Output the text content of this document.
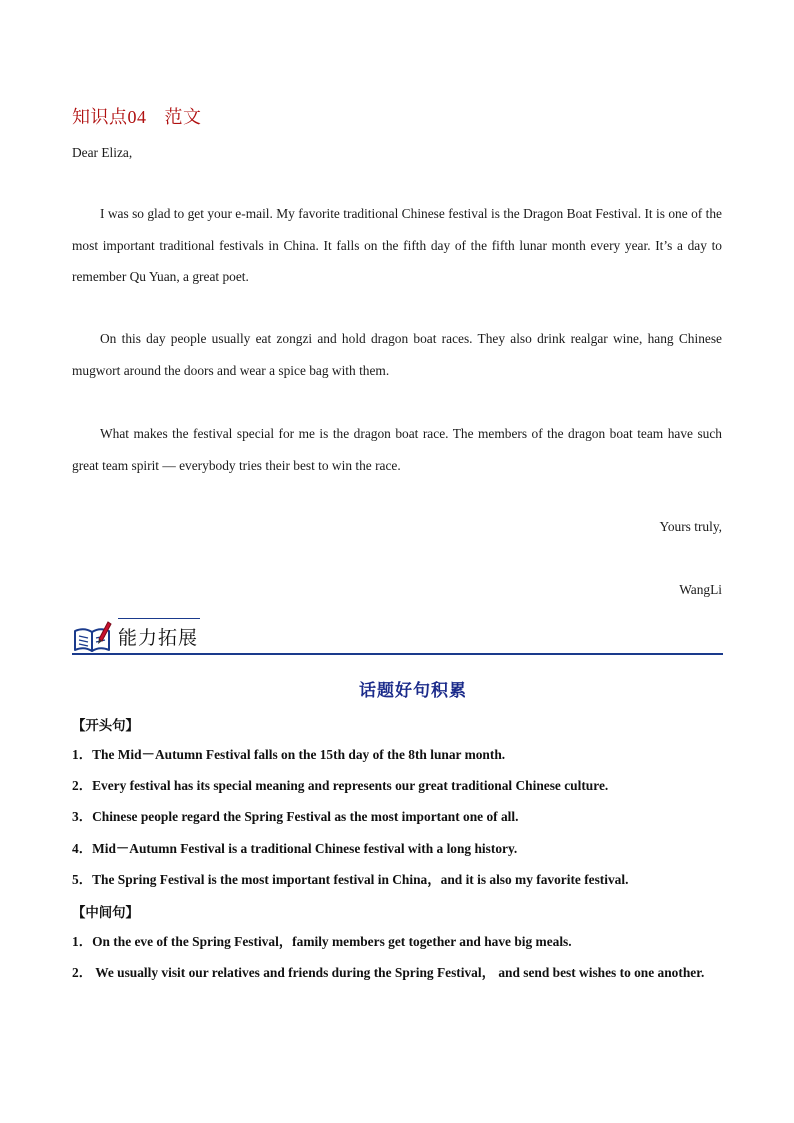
知识点04 范文
Dear Eliza,
I was so glad to get your e-mail. My favorite traditional Chinese festival is the Dragon Boat Festival. It is one of the most important traditional festivals in China. It falls on the fifth day of the fifth lunar month every year. It’s a day to remember Qu Yuan, a great poet.
On this day people usually eat zongzi and hold dragon boat races. They also drink realgar wine, hang Chinese mugwort around the doors and wear a spice bag with them.
What makes the festival special for me is the dragon boat race. The members of the dragon boat team have such great team spirit — everybody tries their best to win the race.
Yours truly,
WangLi
能力拓展
话题好句积累
【开头句】
1．The Mid－Autumn Festival falls on the 15th day of the 8th lunar month.
2．Every festival has its special meaning and represents our great traditional Chinese culture.
3．Chinese people regard the Spring Festival as the most important one of all.
4．Mid－Autumn Festival is a traditional Chinese festival with a long history.
5．The Spring Festival is the most important festival in China，and it is also my favorite festival.
【中间句】
1．On the eve of the Spring Festival，family members get together and have big meals.
2． We usually visit our relatives and friends during the Spring Festival， and send best wishes to one another.
